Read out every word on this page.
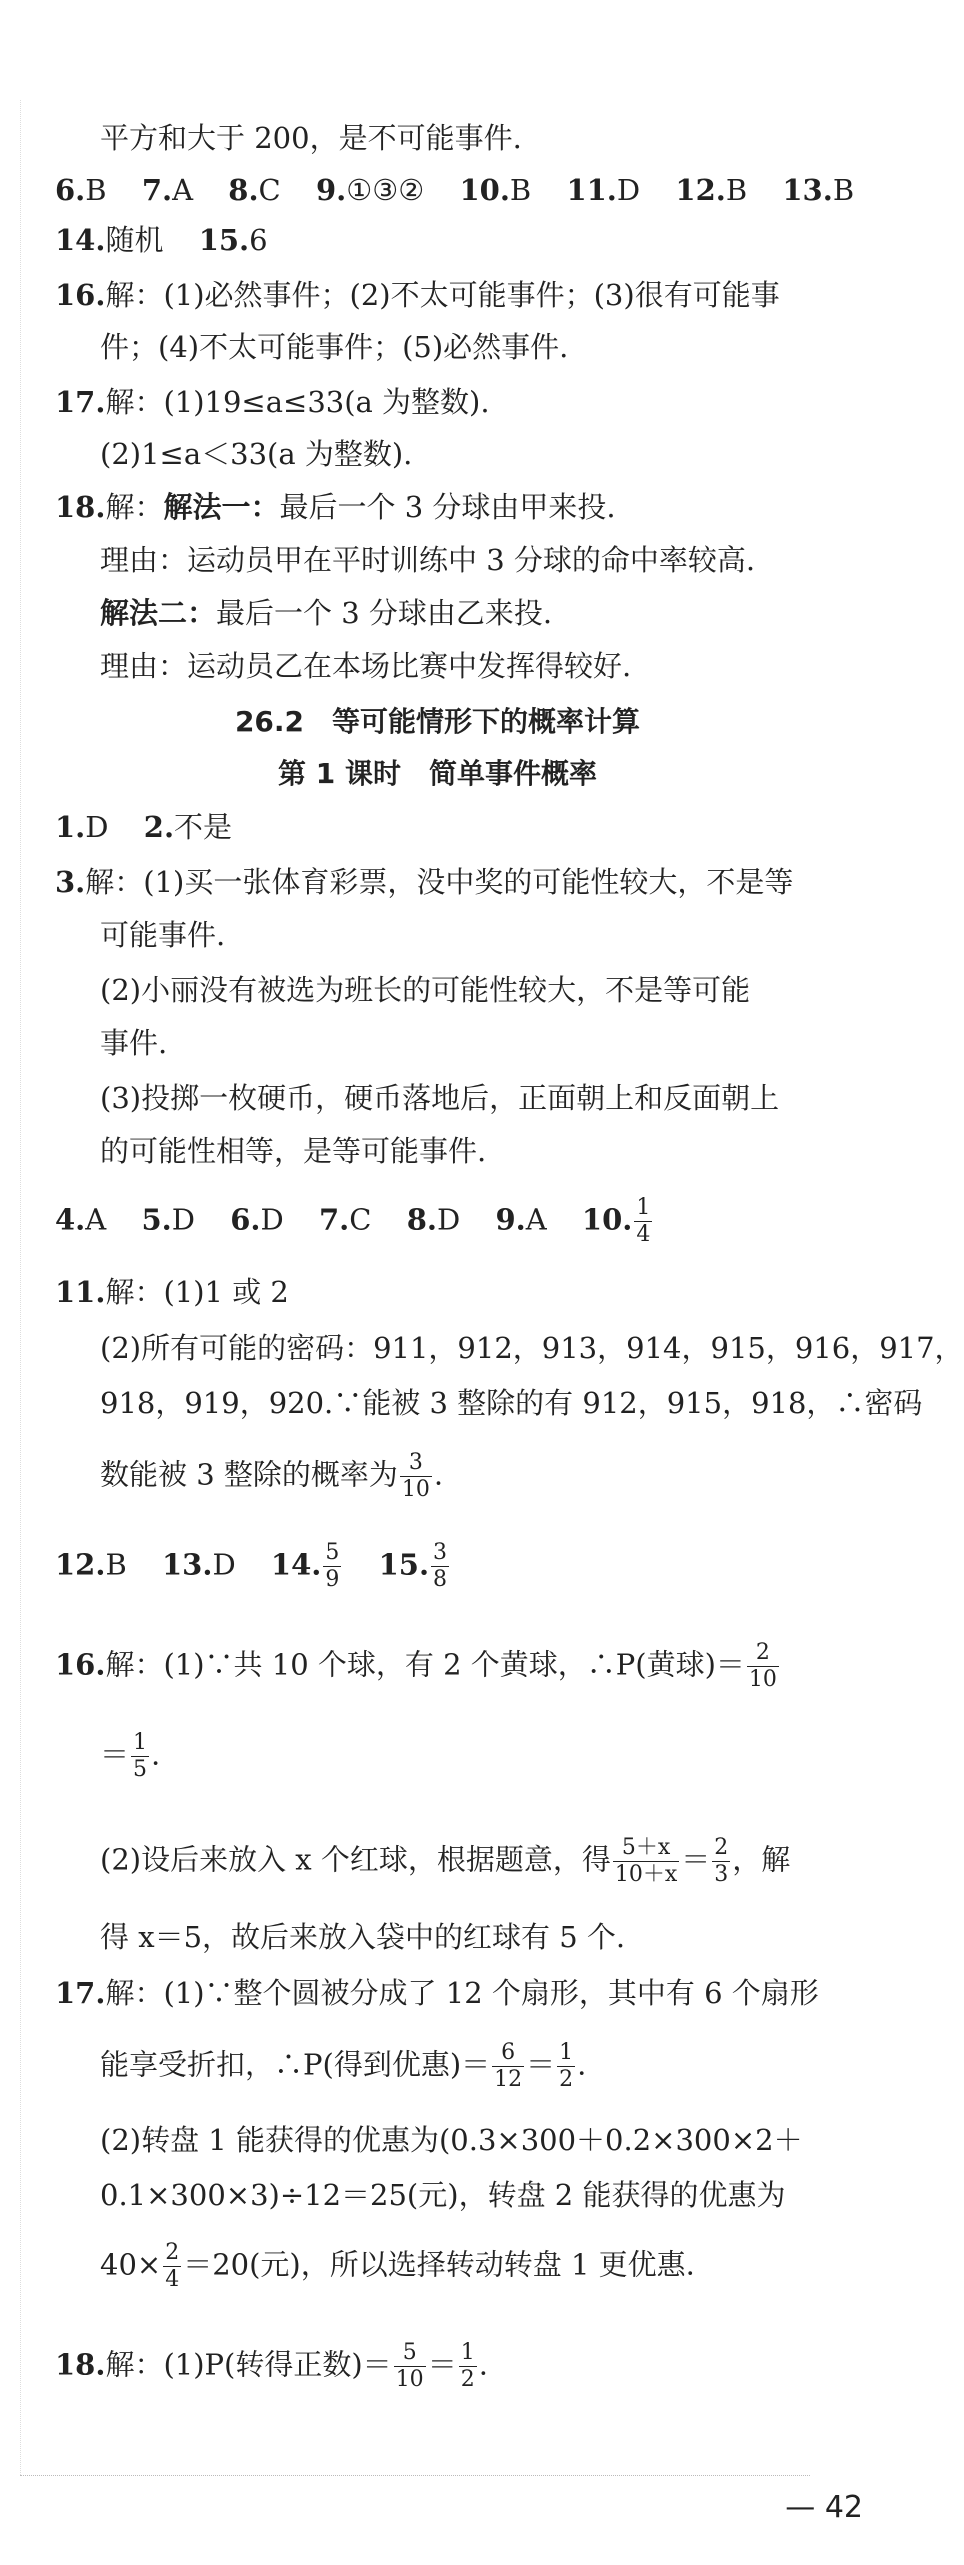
平方和大于 200，是不可能事件.
6.B 7.A 8.C 9.①③② 10.B 11.D 12.B 13.B
14.随机 15.6
16.解：(1)必然事件；(2)不太可能事件；(3)很有可能事
件；(4)不太可能事件；(5)必然事件.
17.解：(1)19≤a≤33(a 为整数).
(2)1≤a＜33(a 为整数).
18.解：解法一：最后一个 3 分球由甲来投.
理由：运动员甲在平时训练中 3 分球的命中率较高.
解法二：最后一个 3 分球由乙来投.
理由：运动员乙在本场比赛中发挥得较好.
26.2　等可能情形下的概率计算
第 1 课时　简单事件概率
1.D 2.不是
3.解：(1)买一张体育彩票，没中奖的可能性较大，不是等
可能事件.
(2)小丽没有被选为班长的可能性较大，不是等可能
事件.
(3)投掷一枚硬币，硬币落地后，正面朝上和反面朝上
的可能性相等，是等可能事件.
4.A 5.D 6.D 7.C 8.D 9.A 10. $\frac{1}{4}$
11.解：(1)1 或 2
(2)所有可能的密码：911，912，913，914，915，916，917，
918，919，920.∵能被 3 整除的有 912，915，918，∴密码
数能被 3 整除的概率为 $\frac{3}{10}$ .
12.B 13.D 14. $\frac{5}{9} 15$. $\frac{3}{8}$
16.解：(1)∵共 10 个球，有 2 个黄球，∴P(黄球)＝ $\frac{2}{10}$
＝ $\frac{1}{5}$ .
(2)设后来放入 x 个红球，根据题意，得 $\frac{5+x}{10+x} = \frac{2}{3}$ ，解
得 x＝5，故后来放入袋中的红球有 5 个.
17.解：(1)∵整个圆被分成了 12 个扇形，其中有 6 个扇形
能享受折扣，∴P(得到优惠)＝ $\frac{6}{12} = \frac{1}{2}$ .
(2)转盘 1 能获得的优惠为(0.3×300＋0.2×300×2＋
0.1×300×3)÷12＝25(元)，转盘 2 能获得的优惠为
$40\times \frac{2}{4} =20$(元)，所以选择转动转盘 1 更优惠.
18.解：(1)P(转得正数)＝ $\frac{5}{10} = \frac{1}{2}$ .
— 42
